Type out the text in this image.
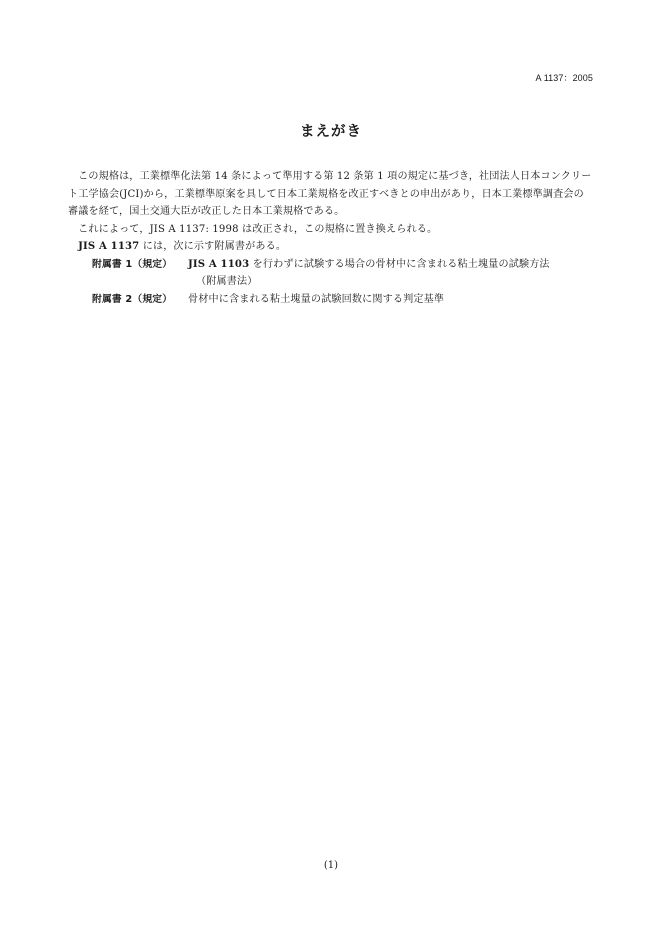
A 1137：2005
まえがき

この規格は，工業標準化法第 14 条によって準用する第 12 条第 1 項の規定に基づき，社団法人日本コンクリート工学協会(JCI)から，工業標準原案を具して日本工業規格を改正すべきとの申出があり，日本工業標準調査会の審議を経て，国土交通大臣が改正した日本工業規格である。

これによって，JIS A 1137: 1998 は改正され，この規格に置き換えられる。

JIS A 1137 には，次に示す附属書がある。

附属書 1（規定）	JIS A 1103 を行わずに試験する場合の骨材中に含まれる粘土塊量の試験方法
（附属書法）
附属書 2（規定）	骨材中に含まれる粘土塊量の試験回数に関する判定基準
(1)
